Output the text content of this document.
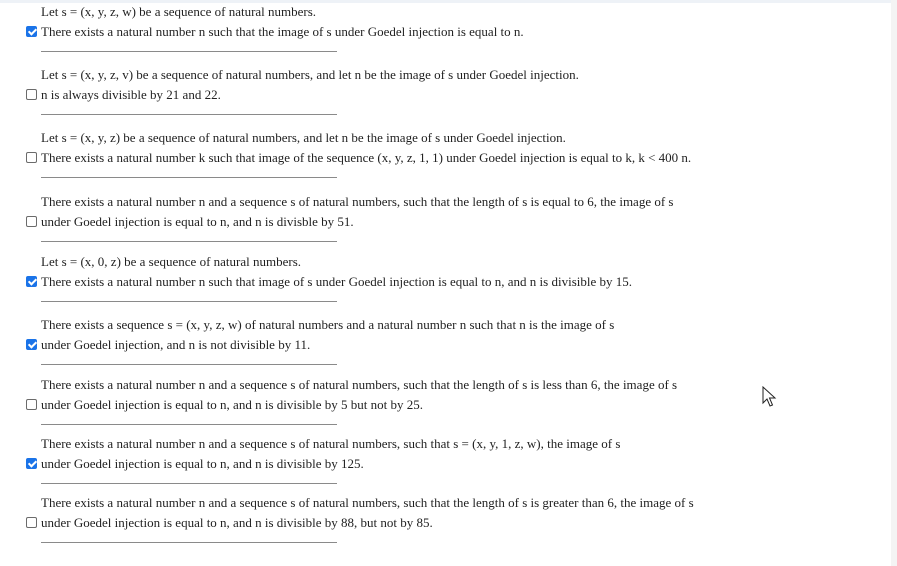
Let s = (x, y, z, w) be a sequence of natural numbers.
There exists a natural number n such that the image of s under Goedel injection is equal to n.
Let s = (x, y, z, v) be a sequence of natural numbers, and let n be the image of s under Goedel injection.
n is always divisible by 21 and 22.
Let s = (x, y, z) be a sequence of natural numbers, and let n be the image of s under Goedel injection.
There exists a natural number k such that image of the sequence (x, y, z, 1, 1) under Goedel injection is equal to k, k < 400 n.
There exists a natural number n and a sequence s of natural numbers, such that the length of s is equal to 6, the image of s
under Goedel injection is equal to n, and n is divisble by 51.
Let s = (x, 0, z) be a sequence of natural numbers.
There exists a natural number n such that image of s under Goedel injection is equal to n, and n is divisible by 15.
There exists a sequence s = (x, y, z, w) of natural numbers and a natural number n such that n is the image of s
under Goedel injection, and n is not divisible by 11.
There exists a natural number n and a sequence s of natural numbers, such that the length of s is less than 6, the image of s
under Goedel injection is equal to n, and n is divisible by 5 but not by 25.
There exists a natural number n and a sequence s of natural numbers, such that s = (x, y, 1, z, w), the image of s
under Goedel injection is equal to n, and n is divisible by 125.
There exists a natural number n and a sequence s of natural numbers, such that the length of s is greater than 6, the image of s
under Goedel injection is equal to n, and n is divisible by 88, but not by 85.
